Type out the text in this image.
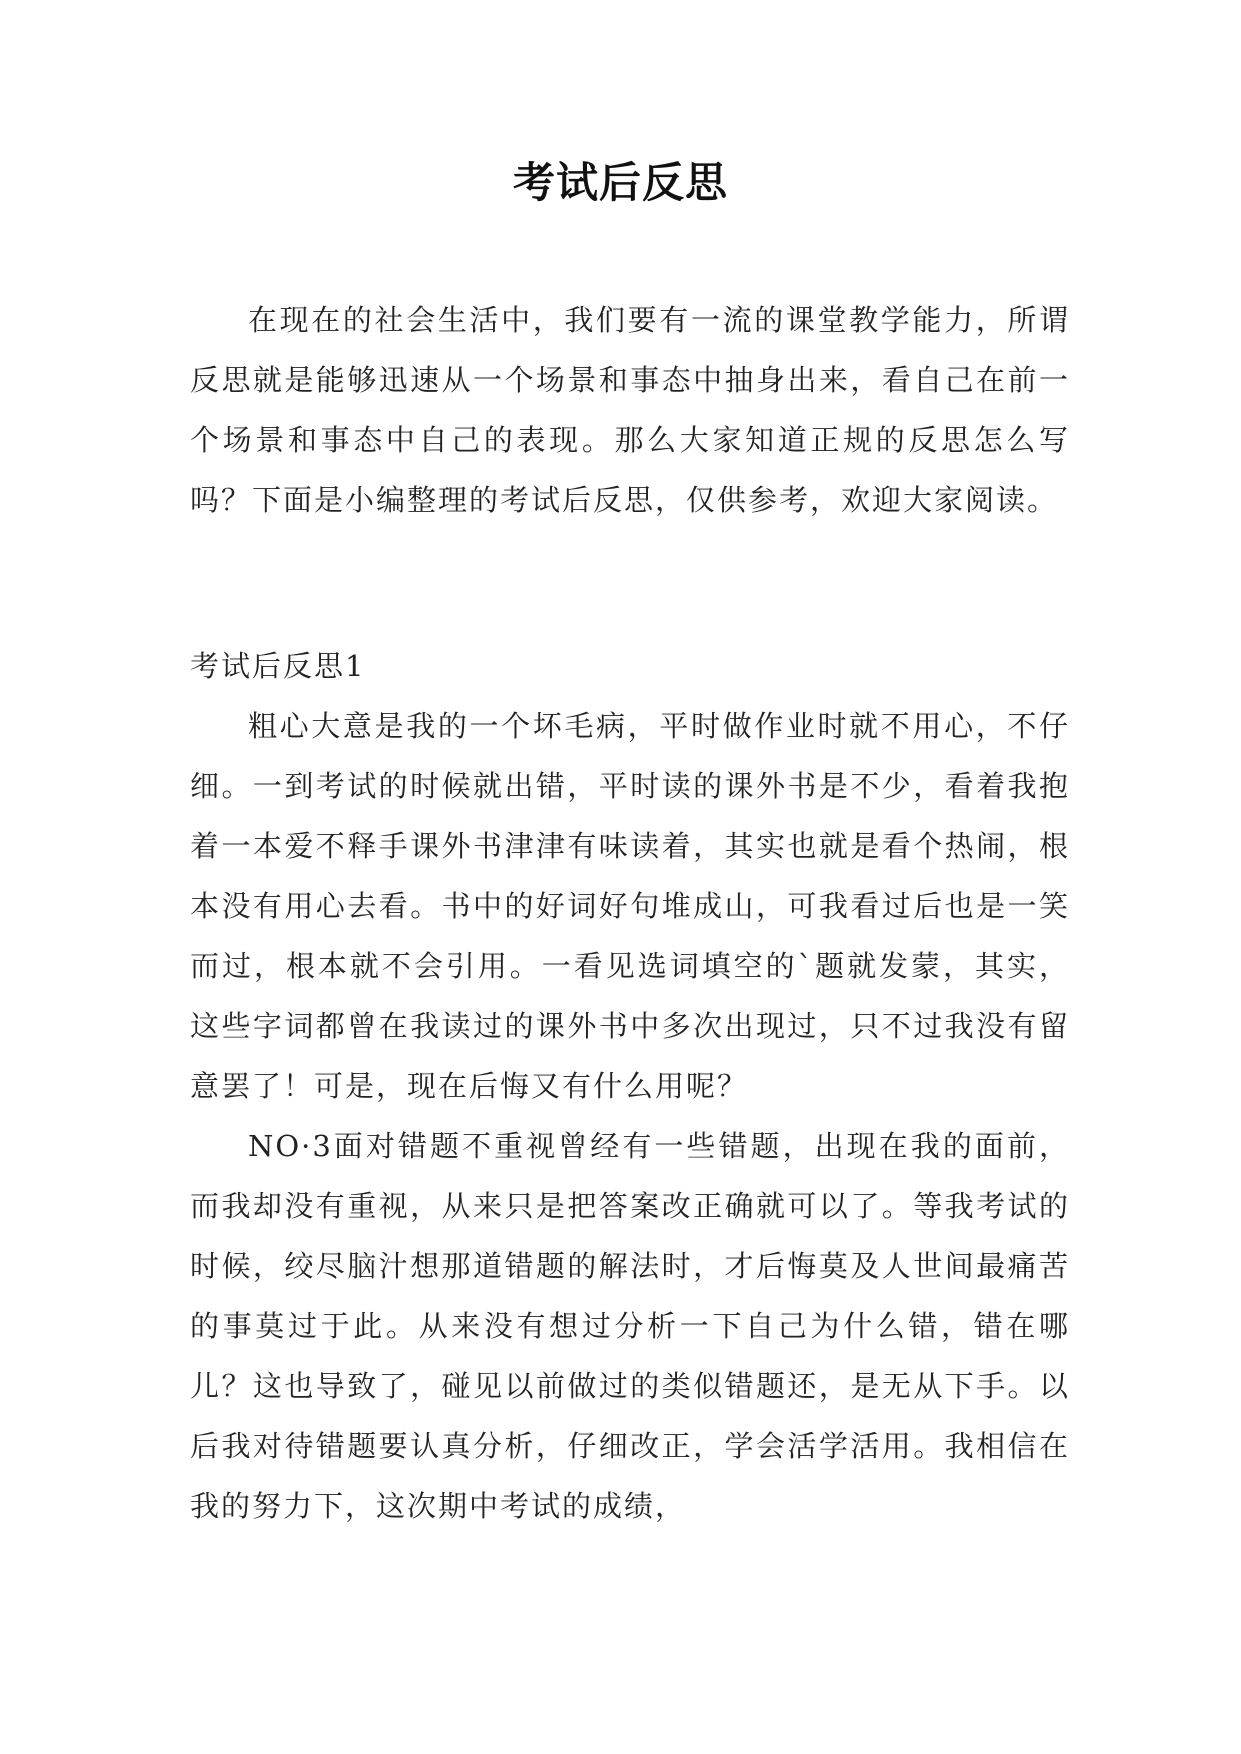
考试后反思

在现在的社会生活中，我们要有一流的课堂教学能力，所谓反思就是能够迅速从一个场景和事态中抽身出来，看自己在前一个场景和事态中自己的表现。那么大家知道正规的反思怎么写吗？下面是小编整理的考试后反思，仅供参考，欢迎大家阅读。

考试后反思1

粗心大意是我的一个坏毛病，平时做作业时就不用心，不仔细。一到考试的时候就出错，平时读的课外书是不少，看着我抱着一本爱不释手课外书津津有味读着，其实也就是看个热闹，根本没有用心去看。书中的好词好句堆成山，可我看过后也是一笑而过，根本就不会引用。一看见选词填空的`题就发蒙，其实，这些字词都曾在我读过的课外书中多次出现过，只不过我没有留意罢了！可是，现在后悔又有什么用呢？

NO·3面对错题不重视曾经有一些错题，出现在我的面前，而我却没有重视，从来只是把答案改正确就可以了。等我考试的时候，绞尽脑汁想那道错题的解法时，才后悔莫及人世间最痛苦的事莫过于此。从来没有想过分析一下自己为什么错，错在哪儿？这也导致了，碰见以前做过的类似错题还，是无从下手。以后我对待错题要认真分析，仔细改正，学会活学活用。我相信在我的努力下，这次期中考试的成绩，
